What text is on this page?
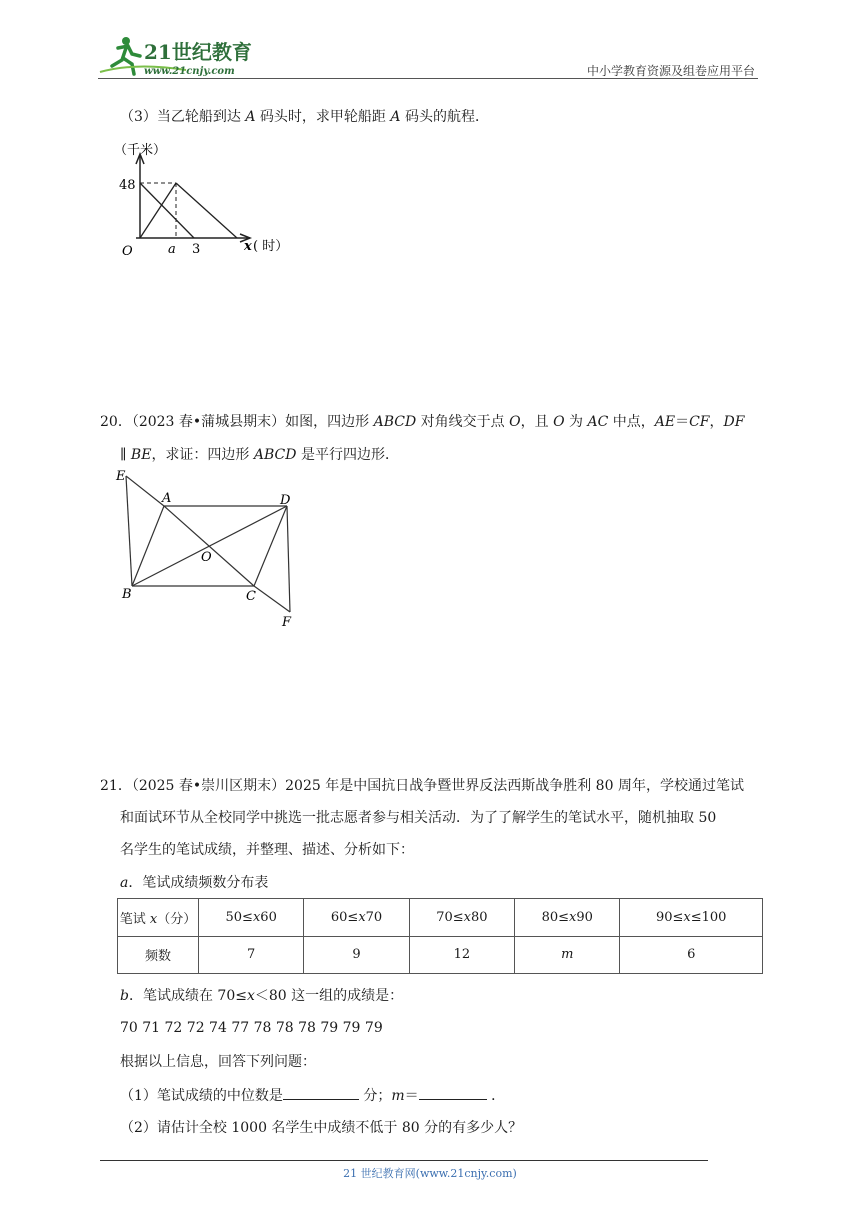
21世纪教育
www.21cnjy.com	中小学教育资源及组卷应用平台
（3）当乙轮船到达 A 码头时，求甲轮船距 A 码头的航程．
（千米）
48
O	a 3	x ( 时）
20．（2023 春•蒲城县期末）如图，四边形 ABCD 对角线交于点 O，且 O 为 AC 中点，AE＝CF，DF
∥ BE，求证：四边形 ABCD 是平行四边形．
E
A	D
O
B	C
F
21．（2025 春•崇川区期末）2025 年是中国抗日战争暨世界反法西斯战争胜利 80 周年，学校通过笔试
和面试环节从全校同学中挑选一批志愿者参与相关活动．为了了解学生的笔试水平，随机抽取 50
名学生的笔试成绩，并整理、描述、分析如下：
a．笔试成绩频数分布表
笔试 x（分）	50≤x60	60≤x70	70≤x80	80≤x90	90≤x≤100
频数	7	9	12	m	6
b．笔试成绩在 70≤x＜80 这一组的成绩是：
70 71 72 72 74 77 78 78 78 79 79 79
根据以上信息，回答下列问题：
（1）笔试成绩的中位数是	分；m＝	．
（2）请估计全校 1000 名学生中成绩不低于 80 分的有多少人？
21 世纪教育网(www.21cnjy.com)
